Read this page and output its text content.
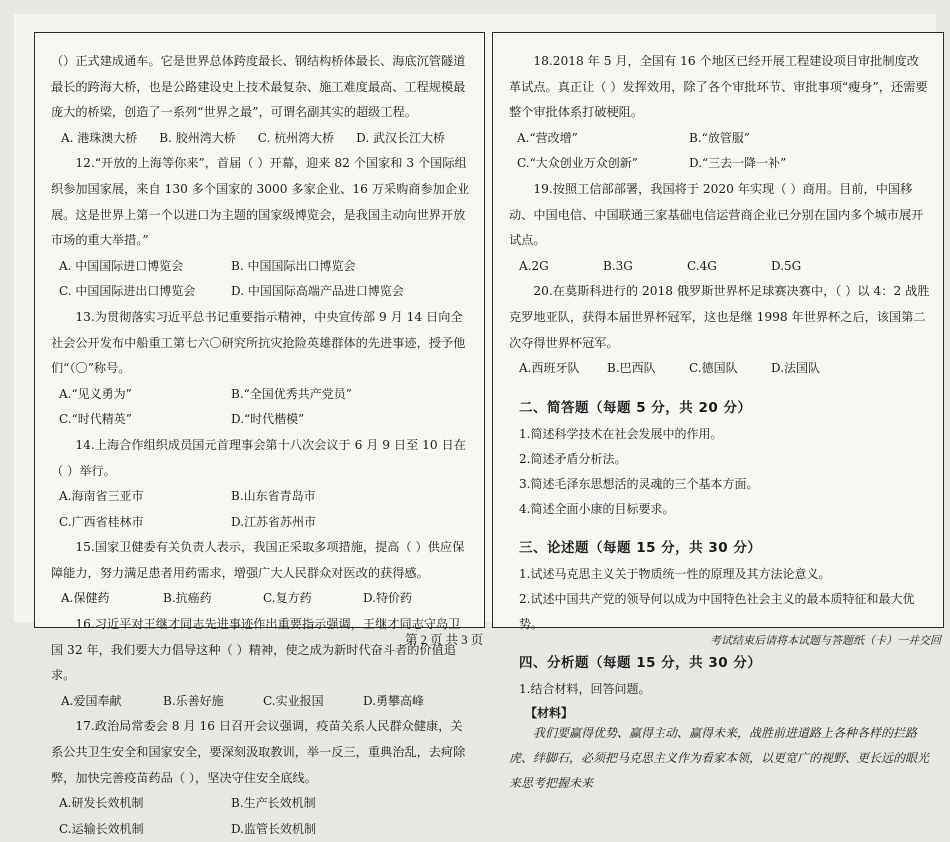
（）正式建成通车。它是世界总体跨度最长、钢结构桥体最长、海底沉管隧道最长的跨海大桥，也是公路建设史上技术最复杂、施工难度最高、工程规模最庞大的桥梁，创造了一系列“世界之最”，可谓名副其实的超级工程。

A. 港珠澳大桥 B. 胶州湾大桥 C. 杭州湾大桥 D. 武汉长江大桥

12.“开放的上海等你来”，首届（ ）开幕，迎来 82 个国家和 3 个国际组织参加国家展，来自 130 多个国家的 3000 多家企业、16 万采购商参加企业展。这是世界上第一个以进口为主题的国家级博览会，是我国主动向世界开放市场的重大举措。”

A. 中国国际进口博览会	B. 中国国际出口博览会
C. 中国国际进出口博览会	D. 中国国际高端产品进口博览会

13.为贯彻落实习近平总书记重要指示精神，中央宣传部 9 月 14 日向全社会公开发布中船重工第七六〇研究所抗灾抢险英雄群体的先进事迹，授予他们“（〇”称号。

A.“见义勇为”	B.“全国优秀共产党员”
C.“时代精英”	D.“时代楷模”

14.上海合作组织成员国元首理事会第十八次会议于 6 月 9 日至 10 日在（ ）举行。

A.海南省三亚市	B.山东省青岛市
C.广西省桂林市	D.江苏省苏州市

15.国家卫健委有关负责人表示，我国正采取多项措施，提高（ ）供应保障能力，努力满足患者用药需求，增强广大人民群众对医改的获得感。

A.保健药	B.抗癌药	C.复方药	D.特价药

16.习近平对王继才同志先进事迹作出重要指示强调，王继才同志守岛卫国 32 年，我们要大力倡导这种（ ）精神，使之成为新时代奋斗者的价值追求。

A.爱国奉献	B.乐善好施	C.实业报国	D.勇攀高峰

17.政治局常委会 8 月 16 日召开会议强调，疫苗关系人民群众健康，关系公共卫生安全和国家安全，要深刻汲取教训，举一反三，重典治乱，去疴除弊，加快完善疫苗药品（ ），坚决守住安全底线。

A.研发长效机制	B.生产长效机制
C.运输长效机制	D.监管长效机制

18.2018 年 5 月，全国有 16 个地区已经开展工程建设项目审批制度改革试点。真正让（ ）发挥效用，除了各个审批环节、审批事项“瘦身”，还需要整个审批体系打破梗阻。

A.“营改增”	B.“放管服”
C.“大众创业万众创新”	D.“三去一降一补”

19.按照工信部部署，我国将于 2020 年实现（ ）商用。目前，中国移动、中国电信、中国联通三家基础电信运营商企业已分别在国内多个城市展开试点。

A.2G	B.3G	C.4G	D.5G

20.在莫斯科进行的 2018 俄罗斯世界杯足球赛决赛中，（ ）以 4：2 战胜克罗地亚队，获得本届世界杯冠军，这也是继 1998 年世界杯之后，该国第二次夺得世界杯冠军。

A.西班牙队	B.巴西队	C.德国队	D.法国队
二、简答题（每题 5 分，共 20 分）

1.简述科学技术在社会发展中的作用。

2.简述矛盾分析法。

3.简述毛泽东思想活的灵魂的三个基本方面。

4.简述全面小康的目标要求。

三、论述题（每题 15 分，共 30 分）

1.试述马克思主义关于物质统一性的原理及其方法论意义。

2.试述中国共产党的领导何以成为中国特色社会主义的最本质特征和最大优势。

四、分析题（每题 15 分，共 30 分）

1.结合材料，回答问题。

【材料】

我们要赢得优势、赢得主动、赢得未来，战胜前进道路上各种各样的拦路虎、绊脚石，必须把马克思主义作为看家本领，以更宽广的视野、更长远的眼光来思考把握未来

第 2 页 共 3 页	考试结束后请将本试题与答题纸（卡）一并交回
